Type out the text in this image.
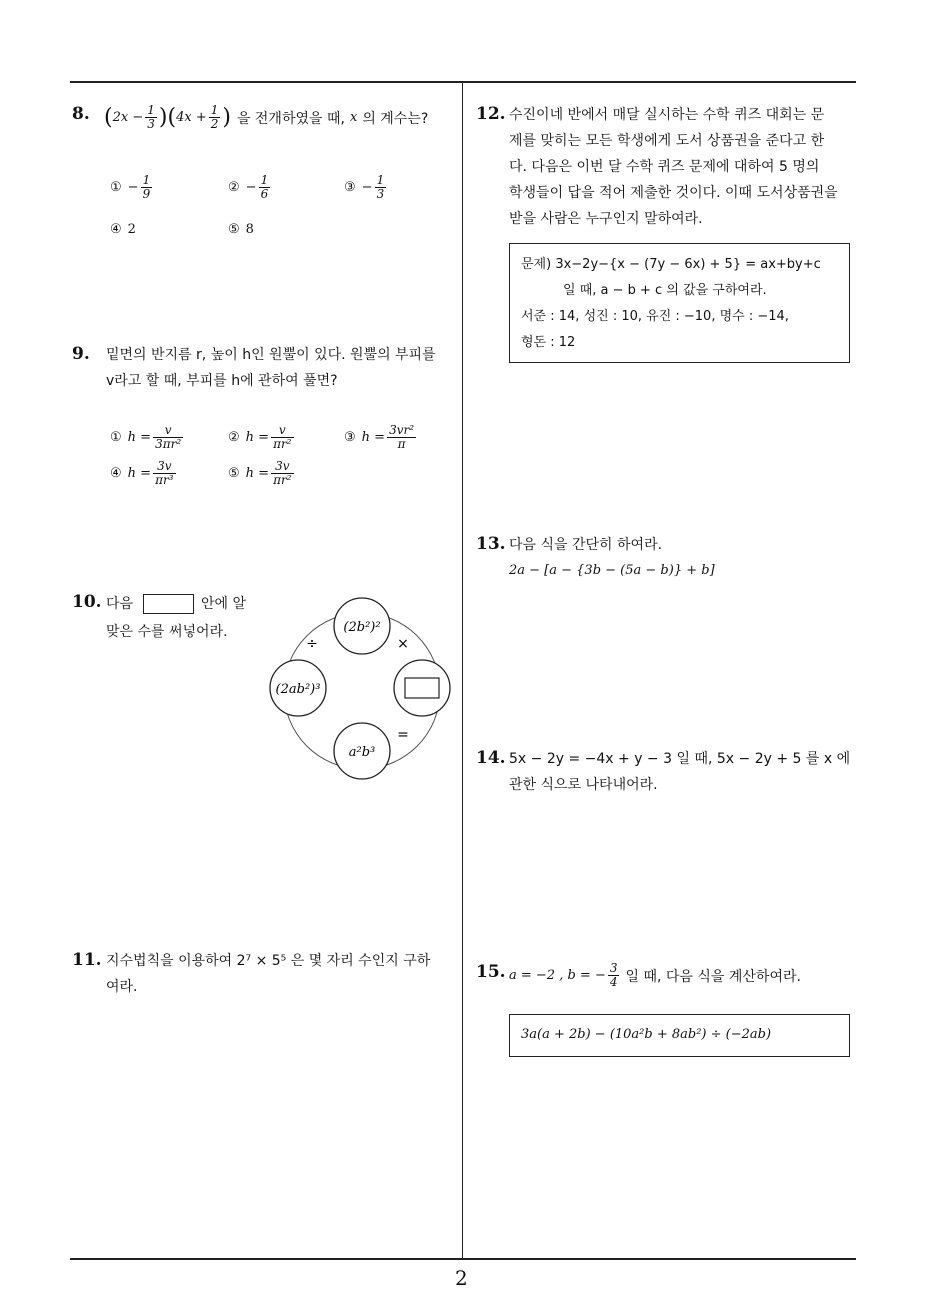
2
8. ( $2x - \frac{1}{3}$ ) ( $4x + \frac{1}{2}$ ) 을 전개하였을 때, x 의 계수는?
① − $\frac{1}{9}$	② − $\frac{1}{6}$	③ − $\frac{1}{3}$
④ 2	⑤ 8
9. 밑면의 반지름 r, 높이 h인 원뿔이 있다. 원뿔의 부피를
v라고 할 때, 부피를 h에 관하여 풀면?
① $h = \frac{v}{\text{3πr²}}$	② $h = \frac{v}{\text{πr²}}$	③ $h = \frac{\text{3vr²}}{\pi}$
④ $h = \frac{3v}{\text{πr³}}$	⑤ $h = \frac{3v}{\text{πr²}}$
10. 다음	안에 알
맞은 수를 써넣어라.	(2b²)²
(2ab²)³
a²b³
÷	×
=
11. 지수법칙을 이용하여 2⁷ × 5⁵ 은 몇 자리 수인지 구하
여라.
12. 수진이네 반에서 매달 실시하는 수학 퀴즈 대회는 문
제를 맞히는 모든 학생에게 도서 상품권을 준다고 한
다. 다음은 이번 달 수학 퀴즈 문제에 대하여 5 명의
학생들이 답을 적어 제출한 것이다. 이때 도서상품권을
받을 사람은 누구인지 말하여라.
문제) 3x−2y−{x − (7y − 6x) + 5} = ax+by+c
일 때, a − b + c 의 값을 구하여라.
서준 : 14, 성진 : 10, 유진 : −10, 명수 : −14,
형돈 : 12
13. 다음 식을 간단히 하여라.
2a − [a − {3b − (5a − b)} + b]
14. 5x − 2y = −4x + y − 3 일 때, 5x − 2y + 5 를 x 에
관한 식으로 나타내어라.
15. a = −2 , b = − $\frac{3}{4}$ 일 때, 다음 식을 계산하여라.
3a(a + 2b) − (10a²b + 8ab²) ÷ (−2ab)
